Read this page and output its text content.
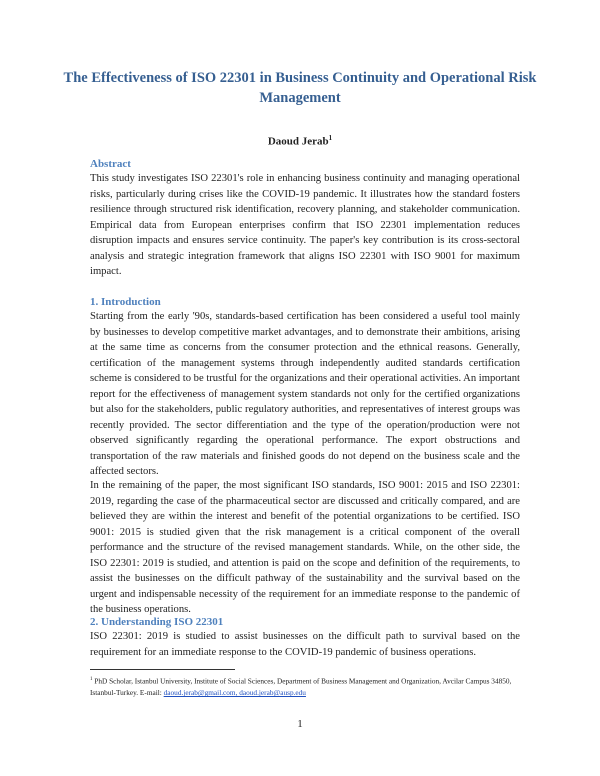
The Effectiveness of ISO 22301 in Business Continuity and Operational Risk Management
Daoud Jerab$^1$
Abstract

This study investigates ISO 22301's role in enhancing business continuity and managing operational risks, particularly during crises like the COVID-19 pandemic. It illustrates how the standard fosters resilience through structured risk identification, recovery planning, and stakeholder communication. Empirical data from European enterprises confirm that ISO 22301 implementation reduces disruption impacts and ensures service continuity. The paper's key contribution is its cross-sectoral analysis and strategic integration framework that aligns ISO 22301 with ISO 9001 for maximum impact.

1. Introduction

Starting from the early '90s, standards-based certification has been considered a useful tool mainly by businesses to develop competitive market advantages, and to demonstrate their ambitions, arising at the same time as concerns from the consumer protection and the ethnical reasons. Generally, certification of the management systems through independently audited standards certification scheme is considered to be trustful for the organizations and their operational activities. An important report for the effectiveness of management system standards not only for the certified organizations but also for the stakeholders, public regulatory authorities, and representatives of interest groups was recently provided. The sector differentiation and the type of the operation/production were not observed significantly regarding the operational performance. The export obstructions and transportation of the raw materials and finished goods do not depend on the business scale and the affected sectors.

In the remaining of the paper, the most significant ISO standards, ISO 9001: 2015 and ISO 22301: 2019, regarding the case of the pharmaceutical sector are discussed and critically compared, and are believed they are within the interest and benefit of the potential organizations to be certified. ISO 9001: 2015 is studied given that the risk management is a critical component of the overall performance and the structure of the revised management standards. While, on the other side, the ISO 22301: 2019 is studied, and attention is paid on the scope and definition of the requirements, to assist the businesses on the difficult pathway of the sustainability and the survival based on the urgent and indispensable necessity of the requirement for an immediate response to the pandemic of the business operations.

2. Understanding ISO 22301

ISO 22301: 2019 is studied to assist businesses on the difficult path to survival based on the requirement for an immediate response to the COVID-19 pandemic of business operations.

$^1$ PhD Scholar, Istanbul University, Institute of Social Sciences, Department of Business Management and Organization, Avcilar Campus 34850, Istanbul-Turkey. E-mail: daoud.jerab@gmail.com, daoud.jerab@ausp.edu

1
